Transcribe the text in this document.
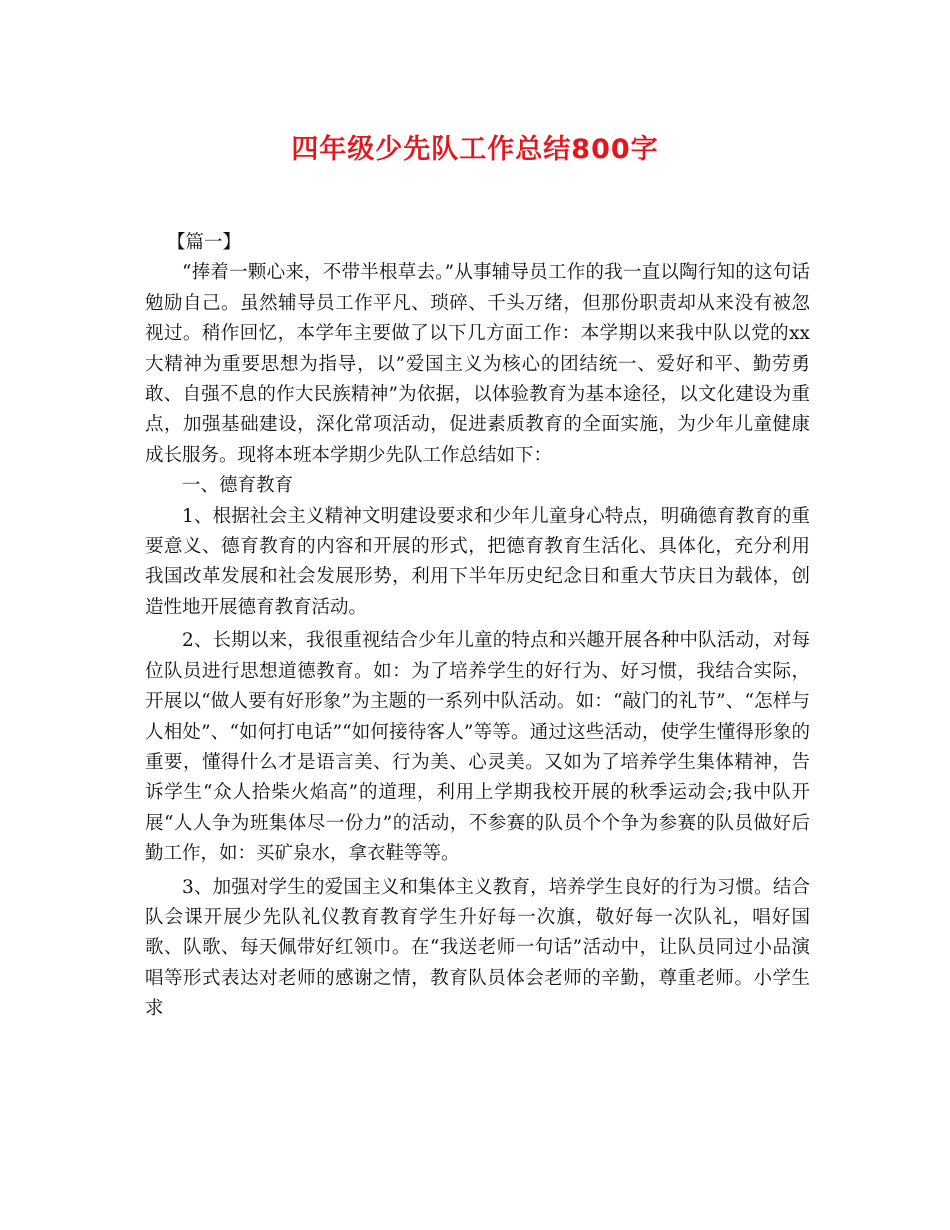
四年级少先队工作总结800字

【篇一】

“捧着一颗心来，不带半根草去。”从事辅导员工作的我一直以陶行知的这句话勉励自己。虽然辅导员工作平凡、琐碎、千头万绪，但那份职责却从来没有被忽视过。稍作回忆，本学年主要做了以下几方面工作：本学期以来我中队以党的xx大精神为重要思想为指导，以”爱国主义为核心的团结统一、爱好和平、勤劳勇敢、自强不息的作大民族精神”为依据，以体验教育为基本途径，以文化建设为重点，加强基础建设，深化常项活动，促进素质教育的全面实施，为少年儿童健康成长服务。现将本班本学期少先队工作总结如下：

一、德育教育

1、根据社会主义精神文明建设要求和少年儿童身心特点，明确德育教育的重要意义、德育教育的内容和开展的形式，把德育教育生活化、具体化，充分利用我国改革发展和社会发展形势，利用下半年历史纪念日和重大节庆日为载体，创造性地开展德育教育活动。

2、长期以来，我很重视结合少年儿童的特点和兴趣开展各种中队活动，对每位队员进行思想道德教育。如：为了培养学生的好行为、好习惯，我结合实际，开展以“做人要有好形象”为主题的一系列中队活动。如：“敲门的礼节”、“怎样与人相处”、“如何打电话”“如何接待客人”等等。通过这些活动，使学生懂得形象的重要，懂得什么才是语言美、行为美、心灵美。又如为了培养学生集体精神，告诉学生“众人拾柴火焰高”的道理，利用上学期我校开展的秋季运动会;我中队开展“人人争为班集体尽一份力”的活动，不参赛的队员个个争为参赛的队员做好后勤工作，如：买矿泉水，拿衣鞋等等。

3、加强对学生的爱国主义和集体主义教育，培养学生良好的行为习惯。结合队会课开展少先队礼仪教育教育学生升好每一次旗，敬好每一次队礼，唱好国歌、队歌、每天佩带好红领巾。在“我送老师一句话”活动中，让队员同过小品演唱等形式表达对老师的感谢之情，教育队员体会老师的辛勤，尊重老师。小学生求
